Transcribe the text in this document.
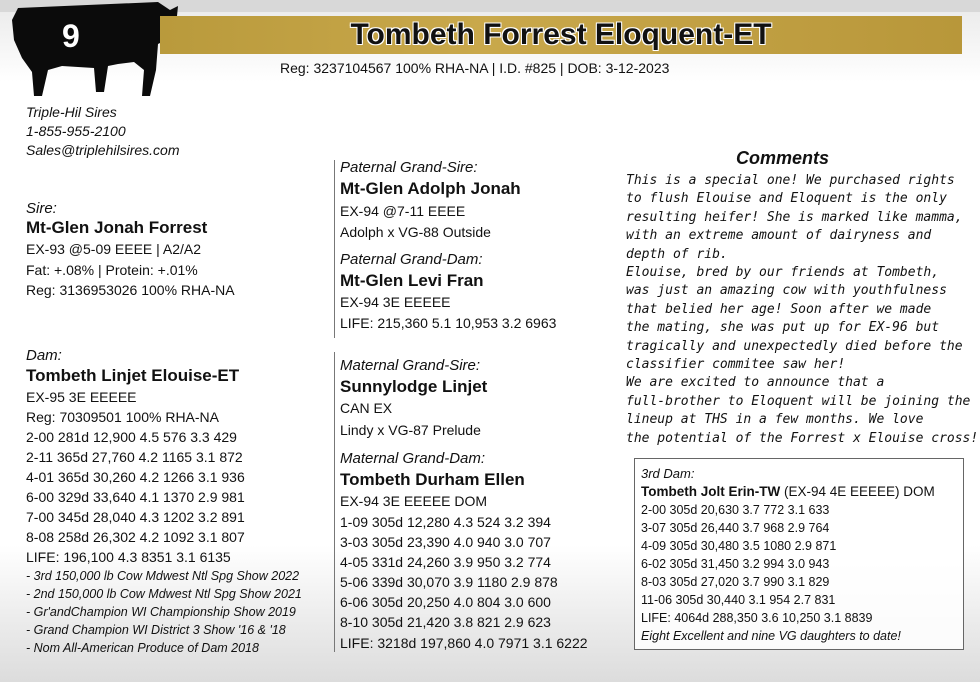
9	Tombeth Forrest Eloquent-ET
Reg: 3237104567 100% RHA-NA | I.D. #825 | DOB: 3-12-2023
Triple-Hil Sires
1-855-955-2100
Sales@triplehilsires.com
Sire:
Mt-Glen Jonah Forrest
EX-93 @5-09 EEEE | A2/A2
Fat: +.08% | Protein: +.01%
Reg: 3136953026 100% RHA-NA
Dam:
Tombeth Linjet Elouise-ET
EX-95 3E EEEEE
Reg: 70309501 100% RHA-NA
2-00 281d 12,900 4.5 576 3.3 429
2-11 365d 27,760 4.2 1165 3.1 872
4-01 365d 30,260 4.2 1266 3.1 936
6-00 329d 33,640 4.1 1370 2.9 981
7-00 345d 28,040 4.3 1202 3.2 891
8-08 258d 26,302 4.2 1092 3.1 807
LIFE: 196,100 4.3 8351 3.1 6135
- 3rd 150,000 lb Cow Mdwest Ntl Spg Show 2022
- 2nd 150,000 lb Cow Mdwest Ntl Spg Show 2021
- Gr'andChampion WI Championship Show 2019
- Grand Champion WI District 3 Show '16 & '18
- Nom All-American Produce of Dam 2018
Paternal Grand-Sire:
Mt-Glen Adolph Jonah
EX-94 @7-11 EEEE
Adolph x VG-88 Outside
Paternal Grand-Dam:
Mt-Glen Levi Fran
EX-94 3E EEEEE
LIFE: 215,360 5.1 10,953 3.2 6963
Maternal Grand-Sire:
Sunnylodge Linjet
CAN EX
Lindy x VG-87 Prelude
Maternal Grand-Dam:
Tombeth Durham Ellen
EX-94 3E EEEEE DOM
1-09 305d 12,280 4.3 524 3.2 394
3-03 305d 23,390 4.0 940 3.0 707
4-05 331d 24,260 3.9 950 3.2 774
5-06 339d 30,070 3.9 1180 2.9 878
6-06 305d 20,250 4.0 804 3.0 600
8-10 305d 21,420 3.8 821 2.9 623
LIFE: 3218d 197,860 4.0 7971 3.1 6222
Comments

This is a special one! We purchased rights

to flush Elouise and Eloquent is the only

resulting heifer! She is marked like mamma,

with an extreme amount of dairyness and

depth of rib.

Elouise, bred by our friends at Tombeth,

was just an amazing cow with youthfulness

that belied her age! Soon after we made

the mating, she was put up for EX-96 but

tragically and unexpectedly died before the

classifier commitee saw her!

We are excited to announce that a

full-brother to Eloquent will be joining the

lineup at THS in a few months. We love

the potential of the Forrest x Elouise cross!

3rd Dam:
Tombeth Jolt Erin-TW (EX-94 4E EEEEE) DOM
2-00 305d 20,630 3.7 772 3.1 633
3-07 305d 26,440 3.7 968 2.9 764
4-09 305d 30,480 3.5 1080 2.9 871
6-02 305d 31,450 3.2 994 3.0 943
8-03 305d 27,020 3.7 990 3.1 829
11-06 305d 30,440 3.1 954 2.7 831
LIFE: 4064d 288,350 3.6 10,250 3.1 8839
Eight Excellent and nine VG daughters to date!
